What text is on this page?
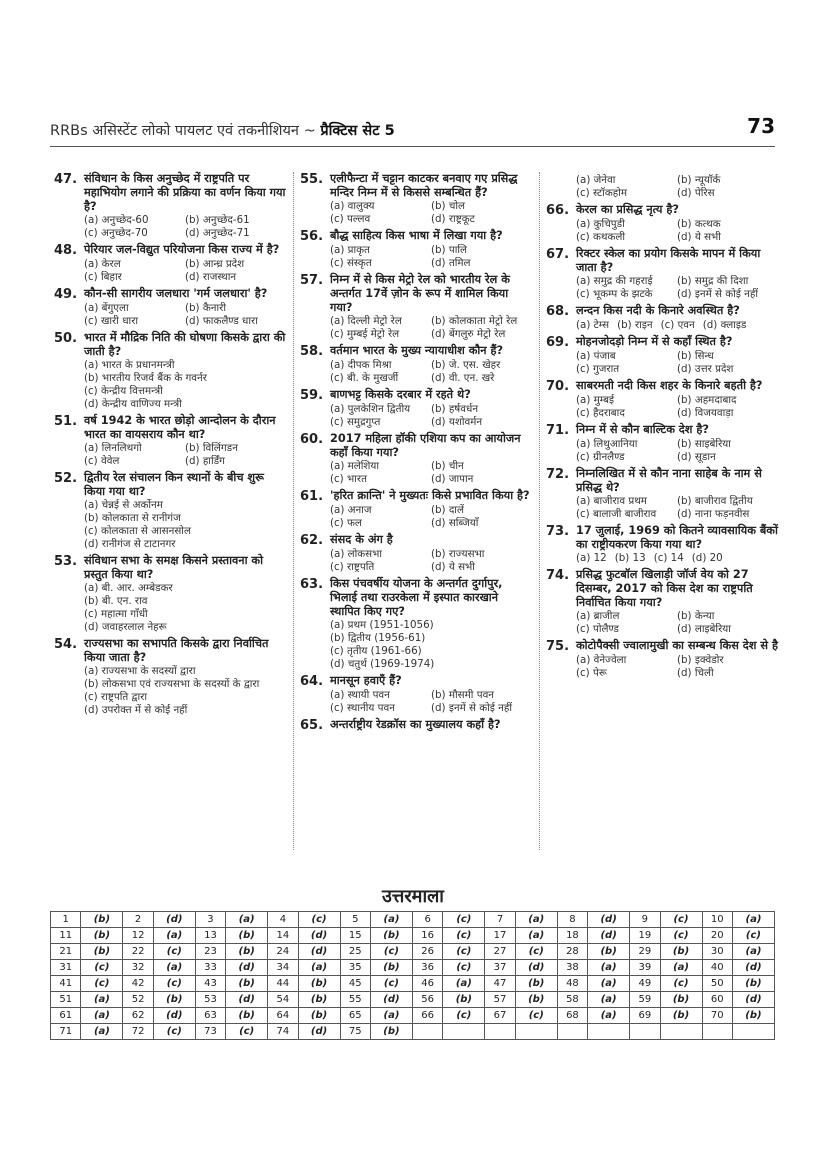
RRBs असिस्टेंट लोको पायलट एवं तकनीशियन ~ प्रैक्टिस सेट 5	73
47. संविधान के किस अनुच्छेद में राष्ट्रपति पर महाभियोग लगाने की प्रक्रिया का वर्णन किया गया है?
(a) अनुच्छेद-60	(b) अनुच्छेद-61
(c) अनुच्छेद-70	(d) अनुच्छेद-71
48. पेरियार जल-विद्युत परियोजना किस राज्य में है?
(a) केरल	(b) आन्ध्र प्रदेश
(c) बिहार	(d) राजस्थान
49. कौन-सी सागरीय जलधारा 'गर्म जलधारा' है?
(a) बेंगुएला	(b) कैनारी
(c) खारी धारा	(d) फाकलैण्ड धारा
50. भारत में मौद्रिक निति की घोषणा किसके द्वारा की जाती है?
(a) भारत के प्रधानमन्त्री
(b) भारतीय रिजर्व बैंक के गवर्नर
(c) केन्द्रीय वित्तमन्त्री
(d) केन्द्रीय वाणिज्य मन्त्री
51. वर्ष 1942 के भारत छोड़ो आन्दोलन के दौरान भारत का वायसराय कौन था?
(a) लिनलिथगो	(b) विलिंगडन
(c) वेवेल	(d) हार्डिंग
52. द्वितीय रेल संचालन किन स्थानों के बीच शुरू किया गया था?
(a) चेन्नई से अर्कोनम
(b) कोलकाता से रानीगंज
(c) कोलकाता से आसनसोल
(d) रानीगंज से टाटानगर
53. संविधान सभा के समक्ष किसने प्रस्तावना को प्रस्तुत किया था?
(a) बी. आर. अम्बेडकर
(b) बी. एन. राव
(c) महात्मा गाँधी
(d) जवाहरलाल नेहरू
54. राज्यसभा का सभापति किसके द्वारा निर्वाचित किया जाता है?
(a) राज्यसभा के सदस्यों द्वारा
(b) लोकसभा एवं राज्यसभा के सदस्यों के द्वारा
(c) राष्ट्रपति द्वारा
(d) उपरोक्त में से कोई नहीं
55. एलीफैन्टा में चट्टान काटकर बनवाए गए प्रसिद्ध मन्दिर निम्न में से किससे सम्बन्धित हैं?
(a) वालुक्य	(b) चोल
(c) पल्लव	(d) राष्ट्रकूट
56. बौद्ध साहित्य किस भाषा में लिखा गया है?
(a) प्राकृत	(b) पालि
(c) संस्कृत	(d) तमिल
57. निम्न में से किस मेट्रो रेल को भारतीय रेल के अन्तर्गत 17वें ज़ोन के रूप में शामिल किया गया?
(a) दिल्ली मेट्रो रेल	(b) कोलकाता मेट्रो रेल
(c) मुम्बई मेट्रो रेल	(d) बेंगलुरु मेट्रो रेल
58. वर्तमान भारत के मुख्य न्यायाधीश कौन हैं?
(a) दीपक मिश्रा	(b) जे. एस. खेहर
(c) बी. के मुखर्जी	(d) वी. एन. खरे
59. बाणभट्ट किसके दरबार में रहते थे?
(a) पुलकेशिन द्वितीय	(b) हर्षवर्धन
(c) समुद्रगुप्त	(d) यशोवर्मन
60. 2017 महिला हॉकी एशिया कप का आयोजन कहाँ किया गया?
(a) मलेशिया	(b) चीन
(c) भारत	(d) जापान
61. 'हरित क्रान्ति' ने मुख्यतः किसे प्रभावित किया है?
(a) अनाज	(b) दालें
(c) फल	(d) सब्जियाँ
62. संसद के अंग है
(a) लोकसभा	(b) राज्यसभा
(c) राष्ट्रपति	(d) ये सभी
63. किस पंचवर्षीय योजना के अन्तर्गत दुर्गापुर, भिलाई तथा राउरकेला में इस्पात कारखाने स्थापित किए गए?
(a) प्रथम (1951-1056)
(b) द्वितीय (1956-61)
(c) तृतीय (1961-66)
(d) चतुर्थ (1969-1974)
64. मानसून हवाएँ हैं?
(a) स्थायी पवन	(b) मौसमी पवन
(c) स्थानीय पवन	(d) इनमें से कोई नहीं
65. अन्तर्राष्ट्रीय रेडक्रॉस का मुख्यालय कहाँ है?
(a) जेनेवा	(b) न्यूयॉर्क
(c) स्टॉकहोम	(d) पेरिस
66. केरल का प्रसिद्ध नृत्य है?
(a) कुचिपुडी	(b) कत्थक
(c) कथकली	(d) ये सभी
67. रिक्टर स्केल का प्रयोग किसके मापन में किया जाता है?
(a) समुद्र की गहराई	(b) समुद्र की दिशा
(c) भूकम्प के झटके	(d) इनमें से कोई नहीं
68. लन्दन किस नदी के किनारे अवस्थित है?
(a) टेम्स (b) राइन (c) एवन (d) क्लाइड
69. मोहनजोदड़ो निम्न में से कहाँ स्थित है?
(a) पंजाब	(b) सिन्ध
(c) गुजरात	(d) उत्तर प्रदेश
70. साबरमती नदी किस शहर के किनारे बहती है?
(a) मुम्बई	(b) अहमदाबाद
(c) हैदराबाद	(d) विजयवाड़ा
71. निम्न में से कौन बाल्टिक देश है?
(a) लिथुआनिया	(b) साइबेरिया
(c) ग्रीनलैण्ड	(d) सूडान
72. निम्नलिखित में से कौन नाना साहेब के नाम से प्रसिद्ध थे?
(a) बाजीराव प्रथम	(b) बाजीराव द्वितीय
(c) बालाजी बाजीराव	(d) नाना फड़नवीस
73. 17 जुलाई, 1969 को कितने व्यावसायिक बैंकों का राष्ट्रीयकरण किया गया था?
(a) 12 (b) 13 (c) 14 (d) 20
74. प्रसिद्ध फुटबॉल खिलाड़ी जॉर्ज वेय को 27 दिसम्बर, 2017 को किस देश का राष्ट्रपति निर्वाचित किया गया?
(a) ब्राजील	(b) केन्या
(c) पोलैण्ड	(d) लाइबेरिया
75. कोटोपैक्सी ज्वालामुखी का सम्बन्ध किस देश से है
(a) वेनेज्वेला	(b) इक्वेडोर
(c) पेरू	(d) चिली
उत्तरमाला
1	(b)	2	(d)	3	(a)	4	(c)	5	(a)	6	(c)	7	(a)	8	(d)	9	(c)	10	(a)
11	(b)	12	(a)	13	(b)	14	(d)	15	(b)	16	(c)	17	(a)	18	(d)	19	(c)	20	(c)
21	(b)	22	(c)	23	(b)	24	(d)	25	(c)	26	(c)	27	(c)	28	(b)	29	(b)	30	(a)
31	(c)	32	(a)	33	(d)	34	(a)	35	(b)	36	(c)	37	(d)	38	(a)	39	(a)	40	(d)
41	(c)	42	(c)	43	(b)	44	(b)	45	(c)	46	(a)	47	(b)	48	(a)	49	(c)	50	(b)
51	(a)	52	(b)	53	(d)	54	(b)	55	(d)	56	(b)	57	(b)	58	(a)	59	(b)	60	(d)
61	(a)	62	(d)	63	(b)	64	(b)	65	(a)	66	(c)	67	(c)	68	(a)	69	(b)	70	(b)
71	(a)	72	(c)	73	(c)	74	(d)	75	(b)										
